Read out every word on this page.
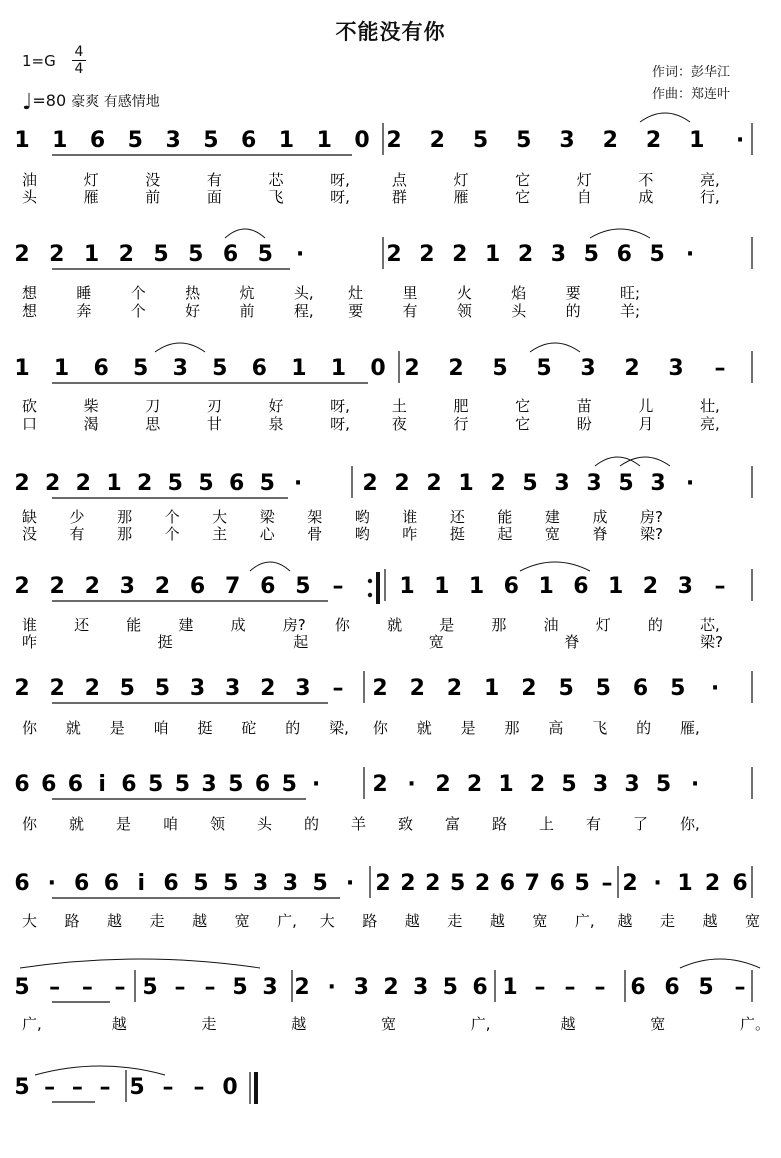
不能没有你
1=G 4
4
♩=80 豪爽 有感情地
作词：彭华江
作曲：郑连叶
1 1 6 5 3 5 6 1 1 0 2 2 5 5 3 2 2 1 ·
油	灯	没	有	芯	呀,	点	灯	它	灯	不	亮,
头	雁	前	面	飞	呀,	群	雁	它	自	成	行,
2 2 1 2 5 5 6 5 ·	2 2 2 1 2 3 5 6 5 ·
想	睡	个	热	炕	头, 灶	里	火	焰	要	旺;
想	奔	个	好	前	程, 要	有	领	头	的	羊;
1 1 6 5 3 5 6 1 1 0 2 2 5 5 3 2 3 –
砍	柴	刀	刃	好	呀,	土	肥	它	苗	儿	壮,
口	渴	思	甘	泉	呀,	夜	行	它	盼	月	亮,
2 2 2 1 2 5 5 6 5 ·	2 2 2 1 2 5 3 3 5 3 ·
缺 少 那 个 大 梁 架 哟 谁 还 能 建 成 房?
没 有 那 个 主 心 骨 哟 咋 挺 起 宽 脊 梁?
2 2 2 3 2 6 7 6 5 –	1 1 1 6 1 6 1 2 3 –
谁 还 能 建 成 房? 你 就 是 那 油 灯 的 芯,
咋	挺	起	宽	脊	梁?
2 2 2 5 5 3 3 2 3 – 2 2 2 1 2 5 5 6 5 ·
你 就 是 咱 挺 砣 的 梁, 你 就 是 那 高 飞 的 雁,
6 6 6 i 6 5 5 3 5 6 5 · 2 · 2 2 1 2 5 3 3 5 ·
你 就 是 咱 领 头 的 羊 致 富 路 上 有 了 你,
6 · 6 6 i 6 5 5 3 3 5 · 2 2 2 5 2 6 7 6 5 – 2 · 1 2 6
大 路 越 走 越 宽 广, 大 路 越 走 越 宽 广, 越 走 越 宽
5 – – – 5 – – 5 3 2 · 3 2 3 5 6 1 – – – 6 6 5 –
广,	越	走	越	宽	广,	越	宽	广。
5 – – – 5 – – 0
